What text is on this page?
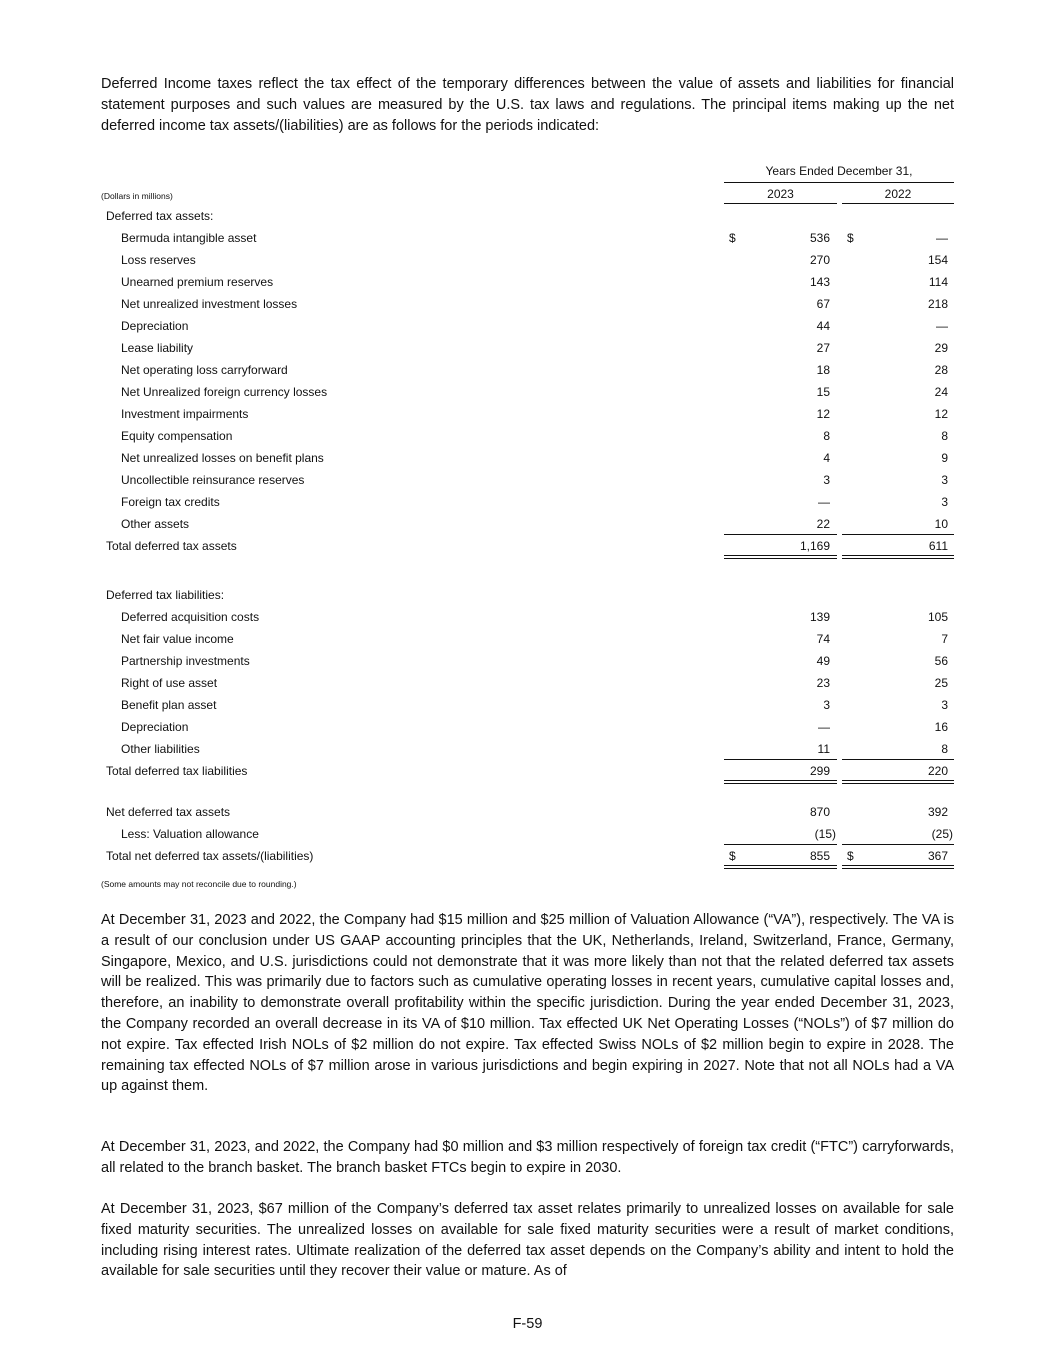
Deferred Income taxes reflect the tax effect of the temporary differences between the value of assets and liabilities for financial statement purposes and such values are measured by the U.S. tax laws and regulations. The principal items making up the net deferred income tax assets/(liabilities) are as follows for the periods indicated:

Years Ended December 31,
(Dollars in millions)	2023	2022
Deferred tax assets:
Bermuda intangible asset	$	536 $	—
Loss reserves	270	154
Unearned premium reserves	143	114
Net unrealized investment losses	67	218
Depreciation	44	—
Lease liability	27	29
Net operating loss carryforward	18	28
Net Unrealized foreign currency losses	15	24
Investment impairments	12	12
Equity compensation	8	8
Net unrealized losses on benefit plans	4	9
Uncollectible reinsurance reserves	3	3
Foreign tax credits	—	3
Other assets	22	10
Total deferred tax assets	1,169	611
Deferred tax liabilities:
Deferred acquisition costs	139	105
Net fair value income	74	7
Partnership investments	49	56
Right of use asset	23	25
Benefit plan asset	3	3
Depreciation	—	16
Other liabilities	11	8
Total deferred tax liabilities	299	220
Net deferred tax assets	870	392
Less: Valuation allowance	(15)	(25)
Total net deferred tax assets/(liabilities)	$	855 $	367
(Some amounts may not reconcile due to rounding.)

At December 31, 2023 and 2022, the Company had $15 million and $25 million of Valuation Allowance (“VA”), respectively. The VA is a result of our conclusion under US GAAP accounting principles that the UK, Netherlands, Ireland, Switzerland, France, Germany, Singapore, Mexico, and U.S. jurisdictions could not demonstrate that it was more likely than not that the related deferred tax assets will be realized. This was primarily due to factors such as cumulative operating losses in recent years, cumulative capital losses and, therefore, an inability to demonstrate overall profitability within the specific jurisdiction. During the year ended December 31, 2023, the Company recorded an overall decrease in its VA of $10 million. Tax effected UK Net Operating Losses (“NOLs”) of $7 million do not expire. Tax effected Irish NOLs of $2 million do not expire. Tax effected Swiss NOLs of $2 million begin to expire in 2028. The remaining tax effected NOLs of $7 million arose in various jurisdictions and begin expiring in 2027. Note that not all NOLs had a VA up against them.

At December 31, 2023, and 2022, the Company had $0 million and $3 million respectively of foreign tax credit (“FTC”) carryforwards, all related to the branch basket. The branch basket FTCs begin to expire in 2030.

At December 31, 2023, $67 million of the Company’s deferred tax asset relates primarily to unrealized losses on available for sale fixed maturity securities. The unrealized losses on available for sale fixed maturity securities were a result of market conditions, including rising interest rates. Ultimate realization of the deferred tax asset depends on the Company’s ability and intent to hold the available for sale securities until they recover their value or mature. As of

F-59
